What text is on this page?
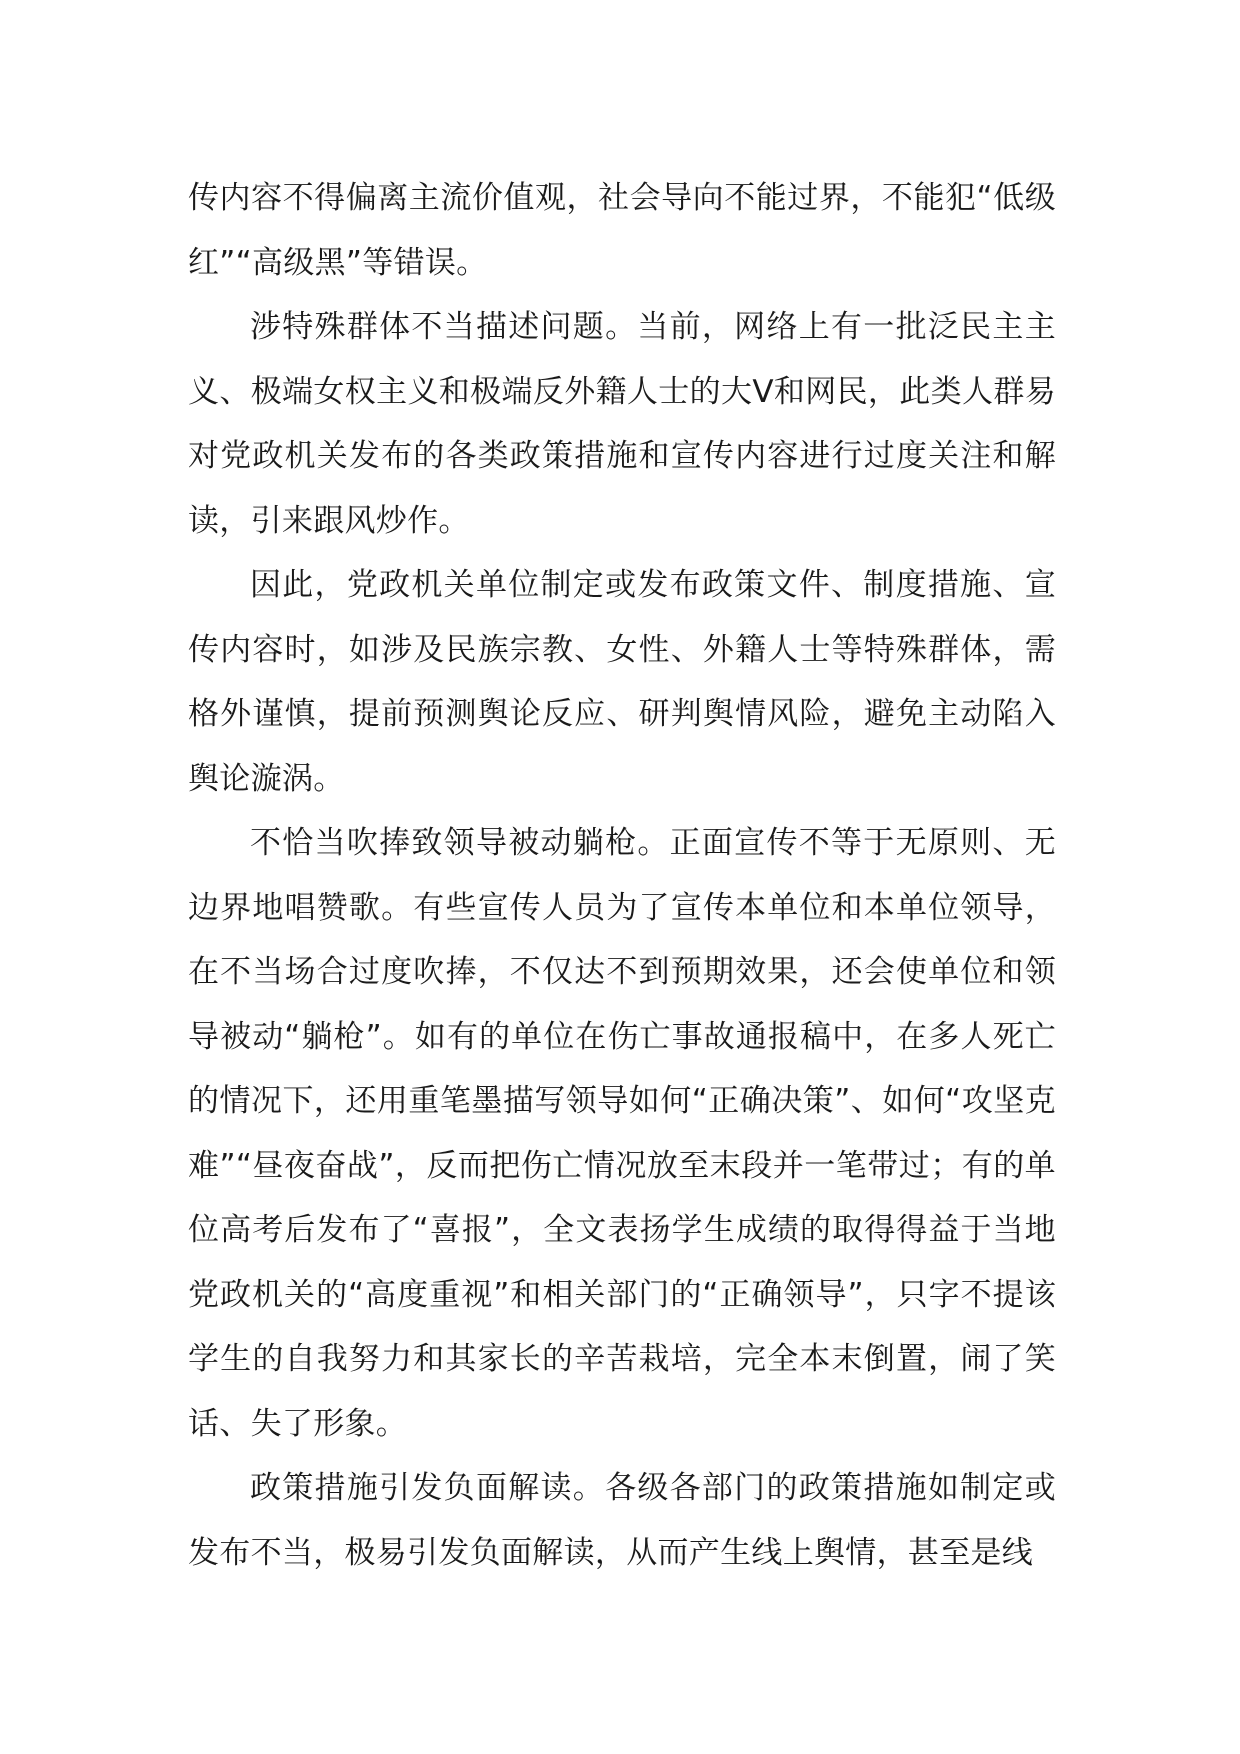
传内容不得偏离主流价值观，社会导向不能过界，不能犯“低级红”“高级黑”等错误。

涉特殊群体不当描述问题。当前，网络上有一批泛民主主义、极端女权主义和极端反外籍人士的大V和网民，此类人群易对党政机关发布的各类政策措施和宣传内容进行过度关注和解读，引来跟风炒作。

因此，党政机关单位制定或发布政策文件、制度措施、宣传内容时，如涉及民族宗教、女性、外籍人士等特殊群体，需格外谨慎，提前预测舆论反应、研判舆情风险，避免主动陷入舆论漩涡。

不恰当吹捧致领导被动躺枪。正面宣传不等于无原则、无边界地唱赞歌。有些宣传人员为了宣传本单位和本单位领导，在不当场合过度吹捧，不仅达不到预期效果，还会使单位和领导被动“躺枪”。如有的单位在伤亡事故通报稿中，在多人死亡的情况下，还用重笔墨描写领导如何“正确决策”、如何“攻坚克难”“昼夜奋战”，反而把伤亡情况放至末段并一笔带过；有的单位高考后发布了“喜报”，全文表扬学生成绩的取得得益于当地党政机关的“高度重视”和相关部门的“正确领导”，只字不提该学生的自我努力和其家长的辛苦栽培，完全本末倒置，闹了笑话、失了形象。

政策措施引发负面解读。各级各部门的政策措施如制定或发布不当，极易引发负面解读，从而产生线上舆情，甚至是线
